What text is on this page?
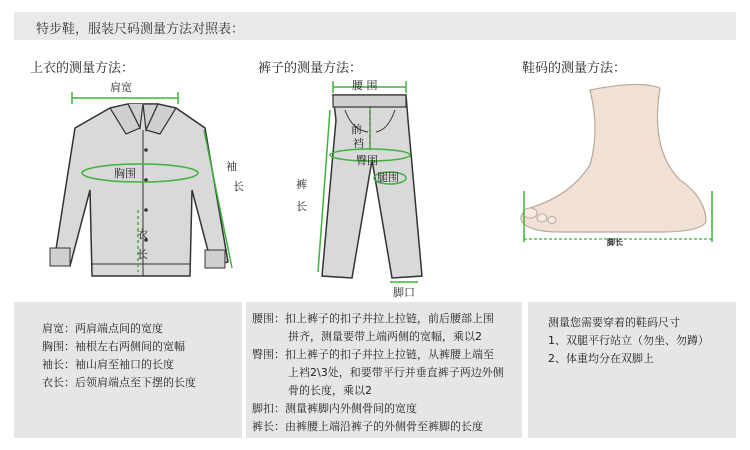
特步鞋，服装尺码测量方法对照表：
上衣的测量方法：	裤子的测量方法：	鞋码的测量方法：
肩宽
胸围
袖
长
衣
长
腰 围
前
裆
臀围
腿围
裤
长
脚口
脚长
肩宽：两肩端点间的宽度
胸围：袖根左右两侧间的宽幅
袖长：袖山肩至袖口的长度
衣长：后领肩端点至下摆的长度
腰围：扣上裤子的扣子并拉上拉链，前后腰部上围
拼齐，测量要带上端两侧的宽幅，乘以2
臀围：扣上裤子的扣子并拉上拉链，从裤腰上端至
上裆2\3处，和要带平行并垂直裤子两边外侧
骨的长度，乘以2
脚扣：测量裤脚内外侧骨间的宽度
裤长：由裤腰上端沿裤子的外侧骨至裤脚的长度
测量您需要穿着的鞋码尺寸
1、双腿平行站立（勿坐、勿蹲）
2、体重均分在双脚上
